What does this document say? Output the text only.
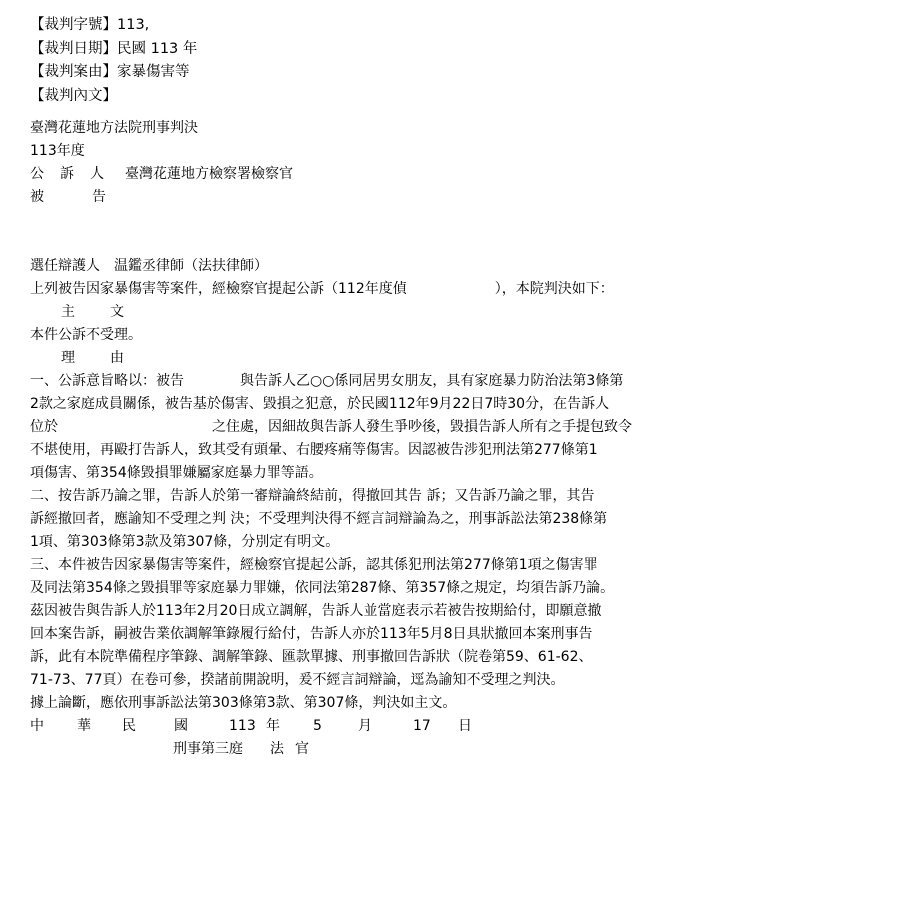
【裁判字號】113,
【裁判日期】民國 113 年
【裁判案由】家暴傷害等
【裁判內文】
臺灣花蓮地方法院刑事判決
113年度
公 訴 人 臺灣花蓮地方檢察署檢察官
被	告
選任辯護人　温鑑丞律師（法扶律師）
上列被告因家暴傷害等案件，經檢察官提起公訴（112年度偵	），本院判決如下：
主	文
本件公訴不受理。
理	由
一、公訴意旨略以：被告　　　　與告訴人乙○○係同居男女朋友，具有家庭暴力防治法第3條第
2款之家庭成員關係，被告基於傷害、毀損之犯意，於民國112年9月22日7時30分，在告訴人
位於　　　　　　　　　　　之住處，因細故與告訴人發生爭吵後，毀損告訴人所有之手提包致令
不堪使用，再毆打告訴人，致其受有頭暈、右腰疼痛等傷害。因認被告涉犯刑法第277條第1
項傷害、第354條毀損罪嫌屬家庭暴力罪等語。
二、按告訴乃論之罪，告訴人於第一審辯論終結前，得撤回其告 訴；又告訴乃論之罪，其告
訴經撤回者，應諭知不受理之判 決；不受理判決得不經言詞辯論為之，刑事訴訟法第238條第
1項、第303條第3款及第307條，分別定有明文。
三、本件被告因家暴傷害等案件，經檢察官提起公訴，認其係犯刑法第277條第1項之傷害罪
及同法第354條之毀損罪等家庭暴力罪嫌，依同法第287條、第357條之規定，均須告訴乃論。
茲因被告與告訴人於113年2月20日成立調解，告訴人並當庭表示若被告按期給付，即願意撤
回本案告訴，嗣被告業依調解筆錄履行給付，告訴人亦於113年5月8日具狀撤回本案刑事告
訴，此有本院準備程序筆錄、調解筆錄、匯款單據、刑事撤回告訴狀（院卷第59、61-62、
71-73、77頁）在卷可參，揆諸前開說明，爰不經言詞辯論，逕為諭知不受理之判決。
據上論斷，應依刑事訴訟法第303條第3款、第307條，判決如主文。
中 華 民	國	113 年 5	月	17 日
刑事第三庭 法 官
